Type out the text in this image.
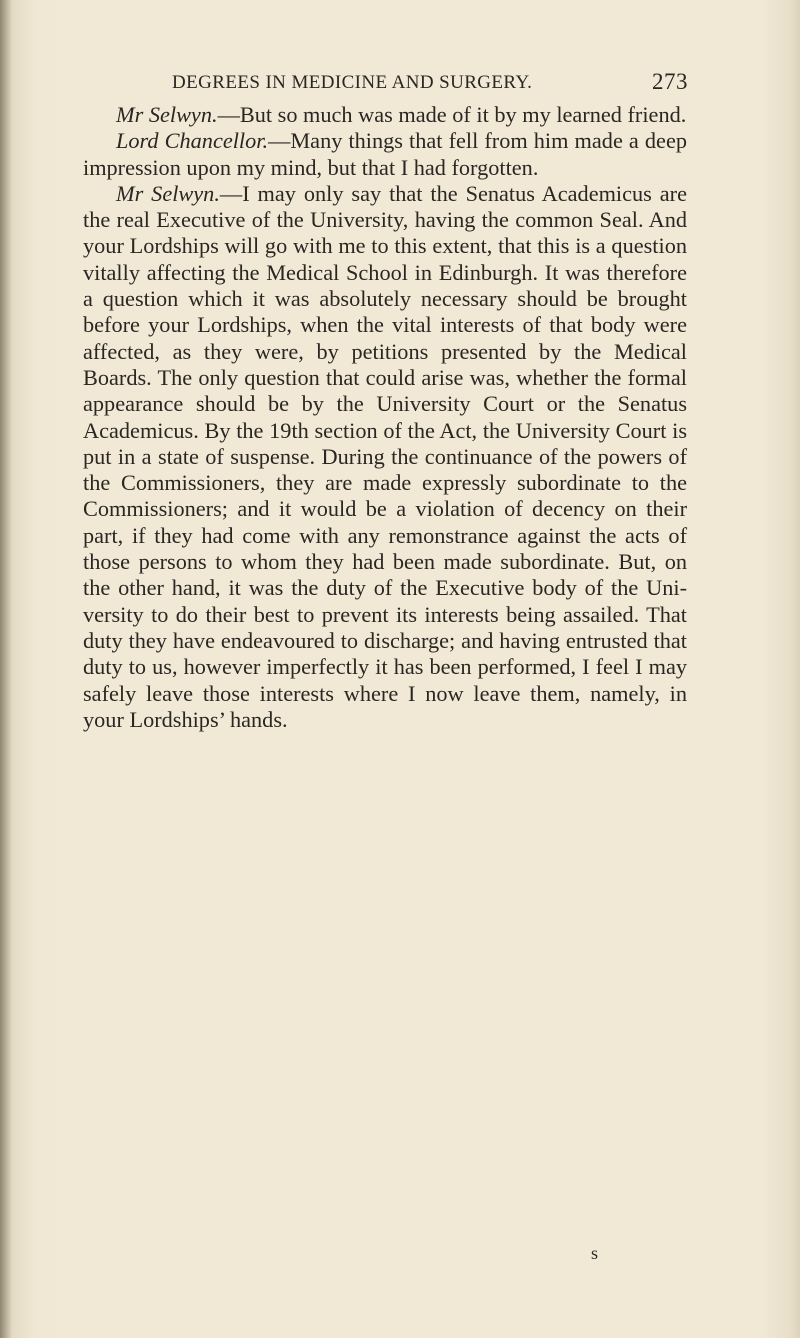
DEGREES IN MEDICINE AND SURGERY.	273

Mr Selwyn.—But so much was made of it by my learned friend.

Lord Chancellor.—Many things that fell from him made a deep impression upon my mind, but that I had forgotten.

Mr Selwyn.—I may only say that the Senatus Academicus are the real Executive of the University, having the common Seal. And your Lordships will go with me to this extent, that this is a question vitally affecting the Medical School in Edinburgh. It was therefore a question which it was absolutely necessary should be brought before your Lordships, when the vital interests of that body were affected, as they were, by petitions presented by the Medical Boards. The only question that could arise was, whether the formal appearance should be by the University Court or the Senatus Academicus. By the 19th section of the Act, the University Court is put in a state of suspense. During the continuance of the powers of the Commissioners, they are made expressly subordinate to the Commissioners; and it would be a violation of decency on their part, if they had come with any remonstrance against the acts of those persons to whom they had been made subordinate. But, on the other hand, it was the duty of the Executive body of the University to do their best to prevent its interests being assailed. That duty they have endeavoured to discharge; and having entrusted that duty to us, however imperfectly it has been performed, I feel I may safely leave those interests where I now leave them, namely, in your Lordships’ hands.

s
